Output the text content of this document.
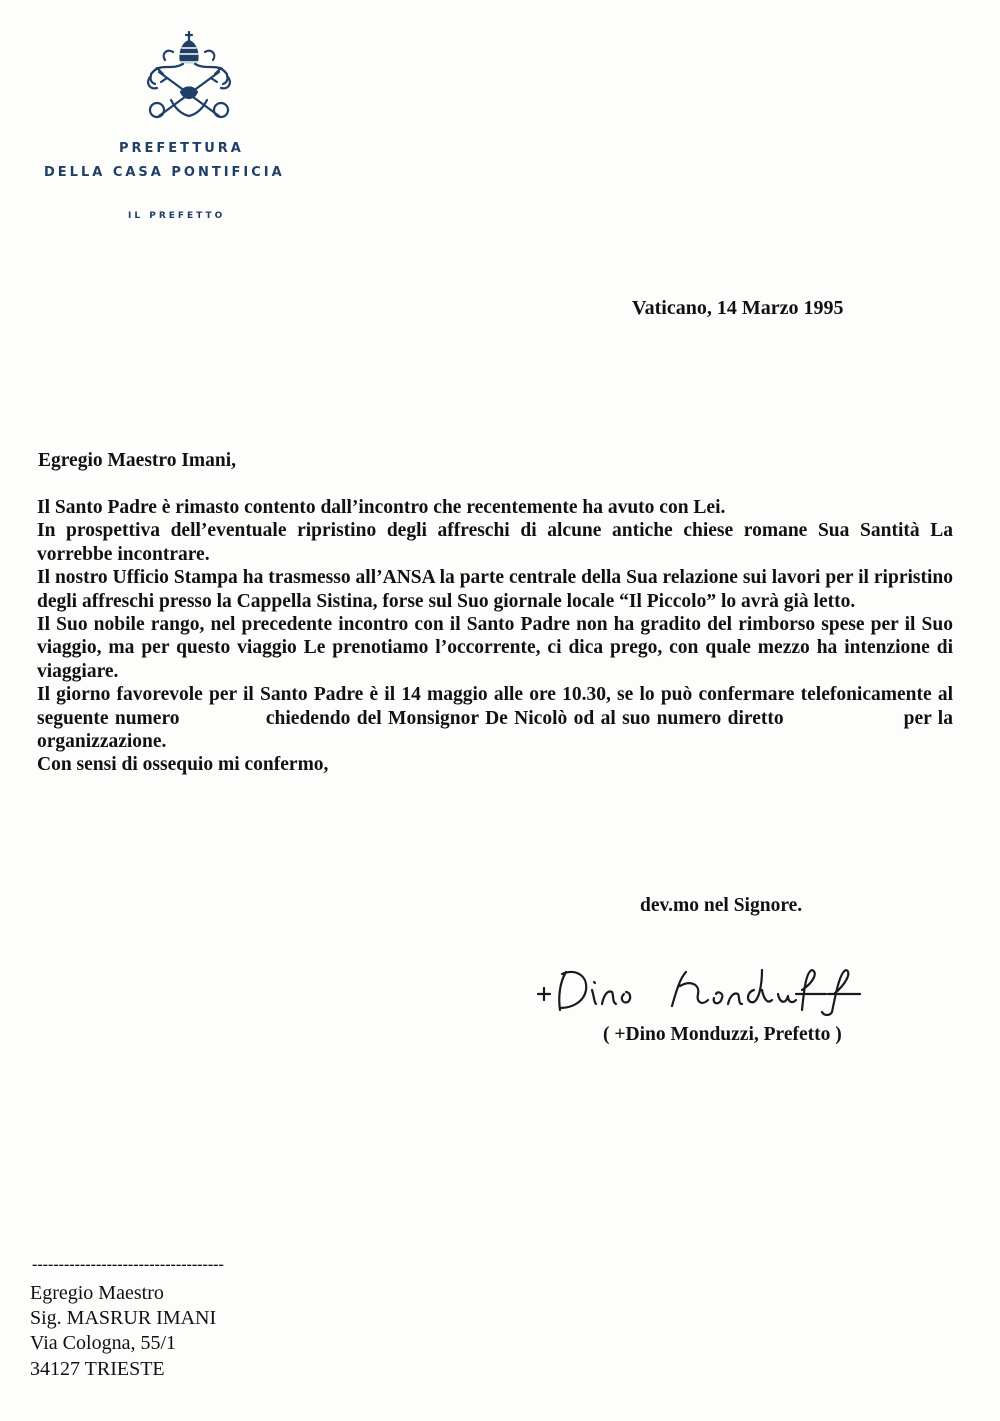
PREFETTURA
DELLA CASA PONTIFICIA
IL PREFETTO
Vaticano, 14 Marzo 1995
Egregio Maestro Imani,

Il Santo Padre è rimasto contento dall’incontro che recentemente ha avuto con Lei.

In prospettiva dell’eventuale ripristino degli affreschi di alcune antiche chiese romane Sua Santità La vorrebbe incontrare.

Il nostro Ufficio Stampa ha trasmesso all’ANSA la parte centrale della Sua relazione sui lavori per il ripristino degli affreschi presso la Cappella Sistina, forse sul Suo giornale locale “Il Piccolo” lo avrà già letto.

Il Suo nobile rango, nel precedente incontro con il Santo Padre non ha gradito del rimborso spese per il Suo viaggio, ma per questo viaggio Le prenotiamo l’occorrente, ci dica prego, con quale mezzo ha intenzione di viaggiare.

Il giorno favorevole per il Santo Padre è il 14 maggio alle ore 10.30, se lo può confermare telefonicamente al seguente numero	chiedendo del Monsignor De Nicolò od al suo numero diretto	per la organizzazione.

Con sensi di ossequio mi confermo,

dev.mo nel Signore.
( +Dino Monduzzi, Prefetto )
------------------------------------
Egregio Maestro
Sig. MASRUR IMANI
Via Cologna, 55/1
34127 TRIESTE
